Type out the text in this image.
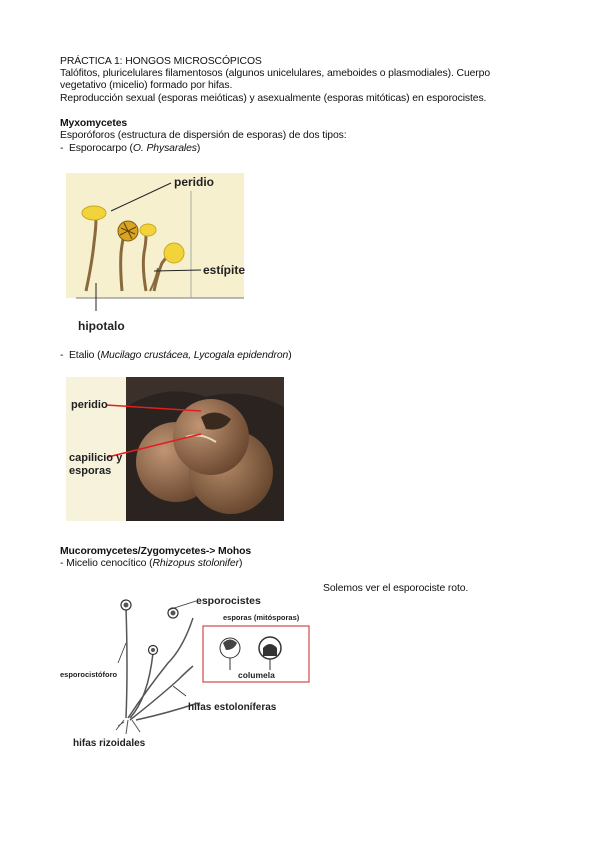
PRÁCTICA 1: HONGOS MICROSCÓPICOS
Talófitos, pluricelulares filamentosos (algunos unicelulares, ameboides o plasmodiales). Cuerpo
vegetativo (micelio) formado por hifas.
Reproducción sexual (esporas meióticas) y asexualmente (esporas mitóticas) en esporocistes.
Myxomycetes
Esporóforos (estructura de dispersión de esporas) de dos tipos:
- Esporocarpo (O. Physarales)
peridio
estípite
hipotalo
- Etalio (Mucilago crustácea, Lycogala epidendron)
peridio
capilicio y
esporas
Mucoromycetes/Zygomycetes-> Mohos
- Micelio cenocítico (Rhizopus stolonifer)
Solemos ver el esporociste roto.
esporocistes
esporas (mitósporas)
columela
esporocistóforo
hifas estoloníferas
hifas rizoidales
